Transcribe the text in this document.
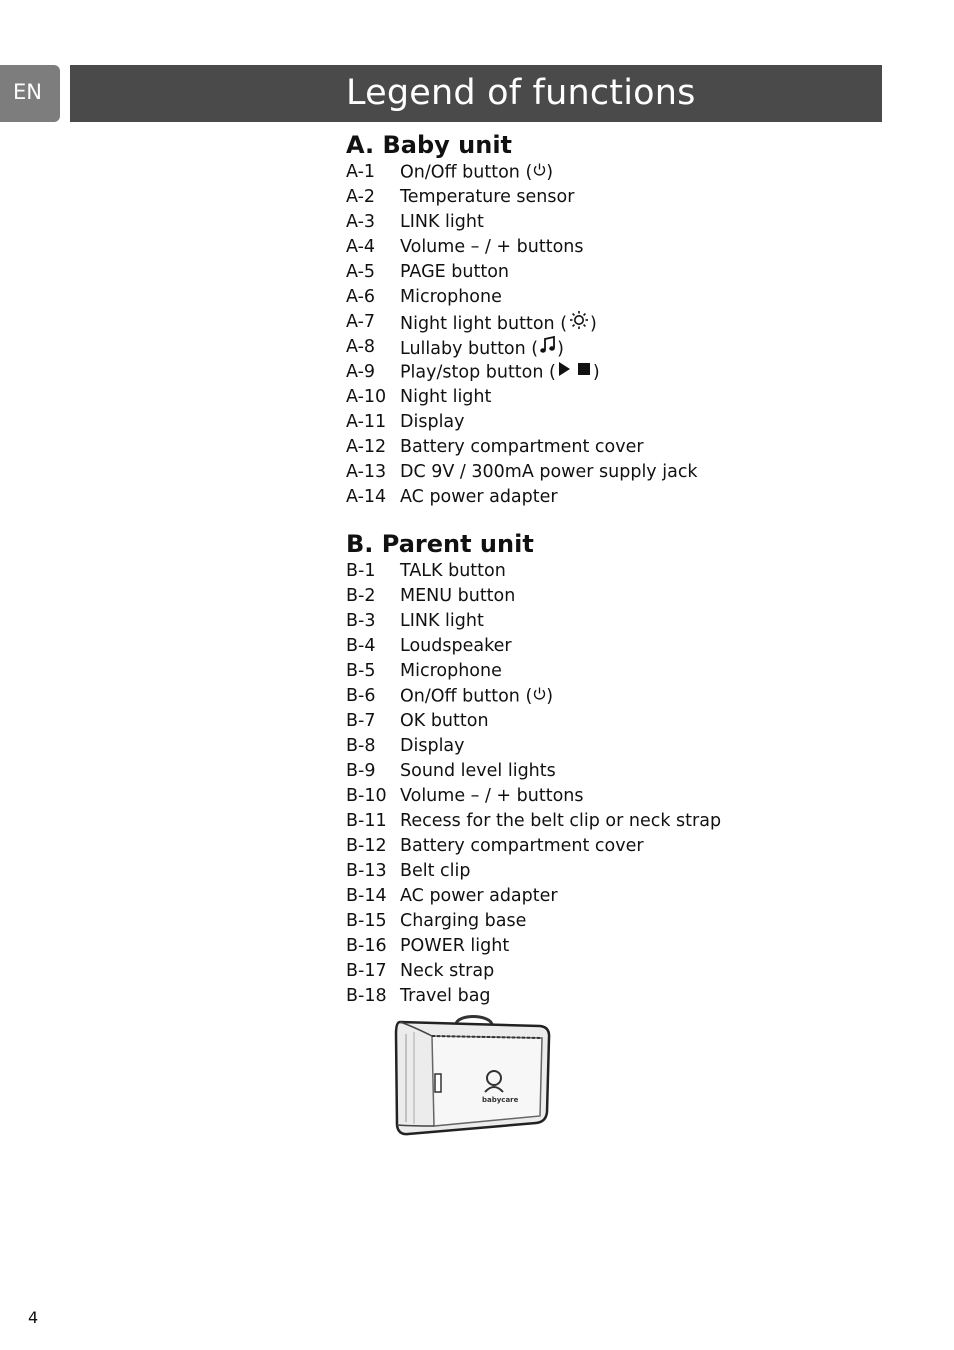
EN	Legend of functions
A. Baby unit
A-1	On/Off button ( )
A-2	Temperature sensor
A-3	LINK light
A-4	Volume – / + buttons
A-5	PAGE button
A-6	Microphone
A-7	Night light button ( )
A-8	Lullaby button ( )
A-9	Play/stop button ( )
A-10 Night light
A-11 Display
A-12 Battery compartment cover
A-13 DC 9V / 300mA power supply jack
A-14 AC power adapter
B. Parent unit
B-1	TALK button
B-2	MENU button
B-3	LINK light
B-4	Loudspeaker
B-5	Microphone
B-6	On/Off button ( )
B-7	OK button
B-8	Display
B-9	Sound level lights
B-10 Volume – / + buttons
B-11 Recess for the belt clip or neck strap
B-12 Battery compartment cover
B-13 Belt clip
B-14 AC power adapter
B-15 Charging base
B-16 POWER light
B-17 Neck strap
B-18 Travel bag
babycare
4
